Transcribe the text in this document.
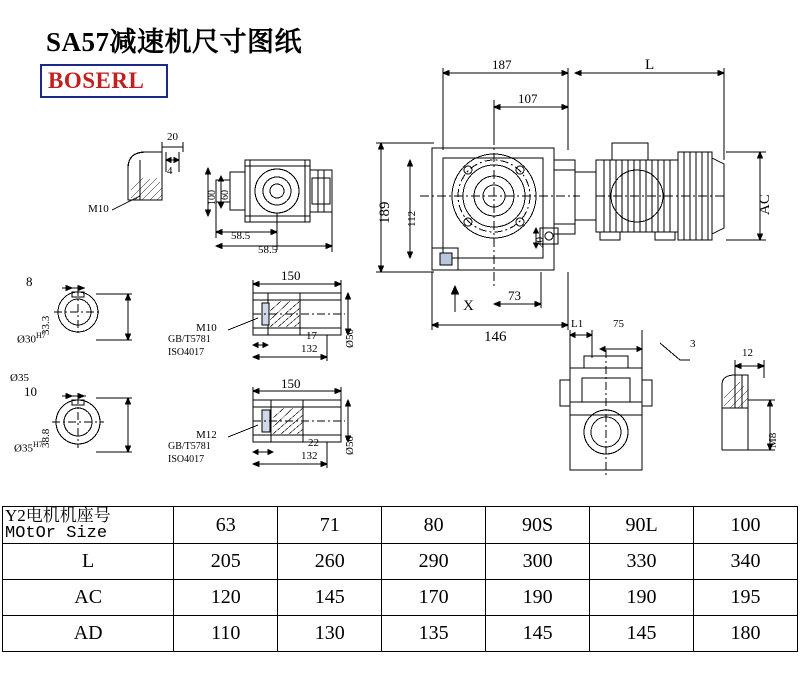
SA57减速机尺寸图纸
BOSERL
187	L
107
189 112
AC
20
X
73
146
20
4
M10
100 60
58.5
58.5
8
$Ø30^{H7}$
33.3
Ø35
10
$Ø35^{H7}$
38.8
150
M10
GB/T5781
ISO4017
17
132
Ø50
150
M12
GB/T5781
ISO4017
22
132
Ø50
L1	75
3
12
M8
Y2电机机座号
MOtOr Size	63	71	80	90S	90L	100
L	205	260	290	300	330	340
AC	120	145	170	190	190	195
AD	110	130	135	145	145	180
